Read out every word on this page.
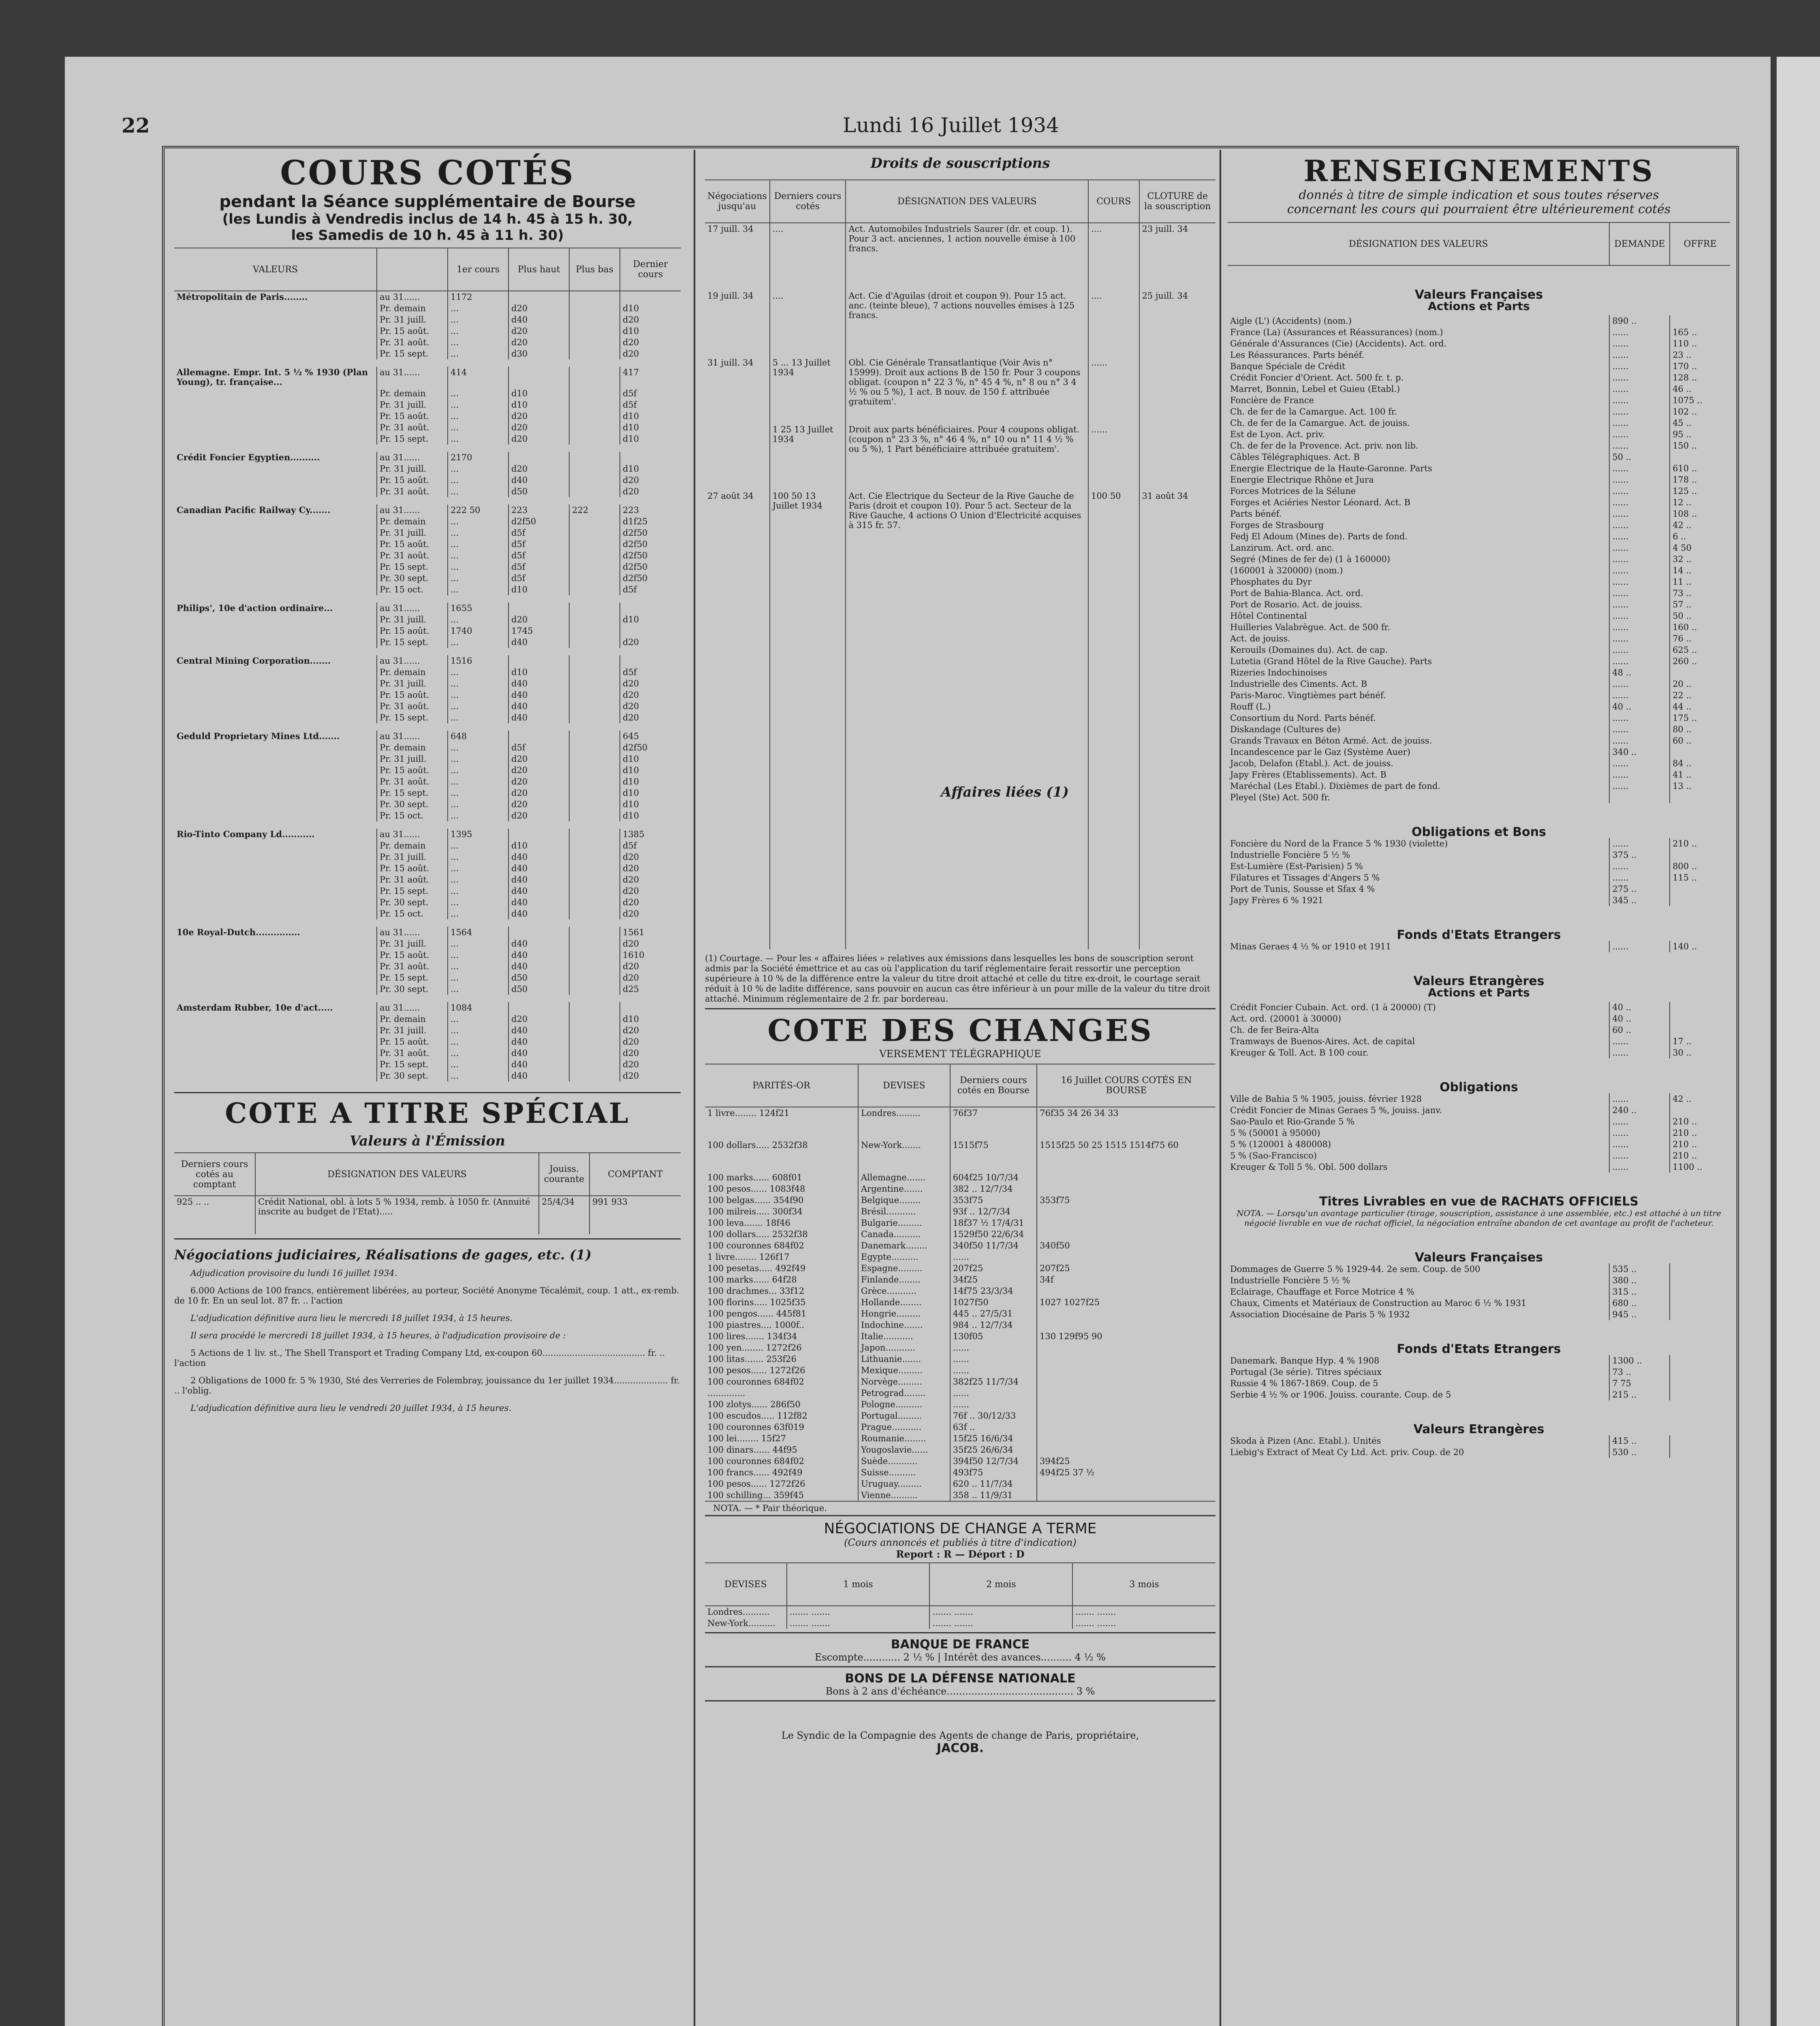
22	Lundi 16 Juillet 1934
COURS COTÉS
pendant la Séance supplémentaire de Bourse
(les Lundis à Vendredis inclus de 14 h. 45 à 15 h. 30,
les Samedis de 10 h. 45 à 11 h. 30)
VALEURS		1er cours	Plus haut	Plus bas	Dernier cours
Métropolitain de Paris........	au 31......	1172			
	Pr. demain	...	d20		d10
	Pr. 31 juill.	...	d40		d20
	Pr. 15 août.	...	d20		d10
	Pr. 31 août.	...	d20		d20
	Pr. 15 sept.	...	d30		d20

Allemagne. Empr. Int. 5 ½ % 1930 (Plan Young), tr. française...	au 31......	414			417
	Pr. demain	...	d10		d5f
	Pr. 31 juill.	...	d10		d5f
	Pr. 15 août.	...	d20		d10
	Pr. 31 août.	...	d20		d10
	Pr. 15 sept.	...	d20		d10

Crédit Foncier Egyptien..........	au 31......	2170			
	Pr. 31 juill.	...	d20		d10
	Pr. 15 août.	...	d40		d20
	Pr. 31 août.	...	d50		d20

Canadian Pacific Railway Cy.......	au 31......	222 50	223	222	223
	Pr. demain	...	d2f50		d1f25
	Pr. 31 juill.	...	d5f		d2f50
	Pr. 15 août.	...	d5f		d2f50
	Pr. 31 août.	...	d5f		d2f50
	Pr. 15 sept.	...	d5f		d2f50
	Pr. 30 sept.	...	d5f		d2f50
	Pr. 15 oct.	...	d10		d5f

Philips', 10e d'action ordinaire...	au 31......	1655			
	Pr. 31 juill.	...	d20		d10
	Pr. 15 août.	1740	1745		
	Pr. 15 sept.	...	d40		d20

Central Mining Corporation.......	au 31......	1516			
	Pr. demain	...	d10		d5f
	Pr. 31 juill.	...	d40		d20
	Pr. 15 août.	...	d40		d20
	Pr. 31 août.	...	d40		d20
	Pr. 15 sept.	...	d40		d20

Geduld Proprietary Mines Ltd.......	au 31......	648			645
	Pr. demain	...	d5f		d2f50
	Pr. 31 juill.	...	d20		d10
	Pr. 15 août.	...	d20		d10
	Pr. 31 août.	...	d20		d10
	Pr. 15 sept.	...	d20		d10
	Pr. 30 sept.	...	d20		d10
	Pr. 15 oct.	...	d20		d10

Rio-Tinto Company Ld...........	au 31......	1395			1385
	Pr. demain	...	d10		d5f
	Pr. 31 juill.	...	d40		d20
	Pr. 15 août.	...	d40		d20
	Pr. 31 août.	...	d40		d20
	Pr. 15 sept.	...	d40		d20
	Pr. 30 sept.	...	d40		d20
	Pr. 15 oct.	...	d40		d20

10e Royal-Dutch...............	au 31......	1564			1561
	Pr. 31 juill.	...	d40		d20
	Pr. 15 août.	...	d40		1610
	Pr. 31 août.	...	d40		d20
	Pr. 15 sept.	...	d50		d20
	Pr. 30 sept.	...	d50		d25

Amsterdam Rubber, 10e d'act.....	au 31......	1084			
	Pr. demain	...	d20		d10
	Pr. 31 juill.	...	d40		d20
	Pr. 15 août.	...	d40		d20
	Pr. 31 août.	...	d40		d20
	Pr. 15 sept.	...	d40		d20
	Pr. 30 sept.	...	d40		d20

COTE A TITRE SPÉCIAL
Valeurs à l'Émission
Derniers cours cotés au comptant	DÉSIGNATION DES VALEURS	Jouiss. courante	COMPTANT
925 .. ..	Crédit National, obl. à lots 5 % 1934, remb. à 1050 fr. (Annuité inscrite au budget de l'Etat).....	25/4/34	991 933
Négociations judiciaires, Réalisations de gages, etc. (1)

Adjudication provisoire du lundi 16 juillet 1934.

6.000 Actions de 100 francs, entièrement libérées, au porteur, Société Anonyme Técalémit, coup. 1 att., ex-remb. de 10 fr. En un seul lot. 87 fr. .. l'action

L'adjudication définitive aura lieu le mercredi 18 juillet 1934, à 15 heures.

Il sera procédé le mercredi 18 juillet 1934, à 15 heures, à l'adjudication provisoire de :

5 Actions de 1 liv. st., The Shell Transport et Trading Company Ltd, ex-coupon 60...................................... fr. .. l'action

2 Obligations de 1000 fr. 5 % 1930, Sté des Verreries de Folembray, jouissance du 1er juillet 1934.................... fr. .. l'oblig.

L'adjudication définitive aura lieu le vendredi 20 juillet 1934, à 15 heures.

Droits de souscriptions
Négociations jusqu'au	Derniers cours cotés	DÉSIGNATION DES VALEURS	COURS	CLOTURE de la souscription
17 juill. 34	....	Act. Automobiles Industriels Saurer (dr. et coup. 1). Pour 3 act. anciennes, 1 action nouvelle émise à 100 francs.	....	23 juill. 34
19 juill. 34	....	Act. Cie d'Aguilas (droit et coupon 9). Pour 15 act. anc. (teinte bleue), 7 actions nouvelles émises à 125 francs.	....	25 juill. 34
31 juill. 34	5 ... 13 Juillet 1934	Obl. Cie Générale Transatlantique (Voir Avis n° 15999). Droit aux actions B de 150 fr. Pour 3 coupons obligat. (coupon n° 22 3 %, n° 45 4 %, n° 8 ou n° 3 4 ½ % ou 5 %), 1 act. B nouv. de 150 f. attribuée gratuitem'.	......	
	1 25 13 Juillet 1934	Droit aux parts bénéficiaires. Pour 4 coupons obligat. (coupon n° 23 3 %, n° 46 4 %, n° 10 ou n° 11 4 ½ % ou 5 %), 1 Part bénéficiaire attribuée gratuitem'.	......	
27 août 34	100 50 13 Juillet 1934	Act. Cie Electrique du Secteur de la Rive Gauche de Paris (droit et coupon 10). Pour 5 act. Secteur de la Rive Gauche, 4 actions O Union d'Electricité acquises à 315 fr. 57.	100 50	31 août 34

Affaires liées (1)
(1) Courtage. — Pour les « affaires liées » relatives aux émissions dans lesquelles les bons de souscription seront admis par la Société émettrice et au cas où l'application du tarif réglementaire ferait ressortir une perception supérieure à 10 % de la différence entre la valeur du titre droit attaché et celle du titre ex-droit, le courtage serait réduit à 10 % de ladite différence, sans pouvoir en aucun cas être inférieur à un pour mille de la valeur du titre droit attaché. Minimum réglementaire de 2 fr. par bordereau.
COTE DES CHANGES
VERSEMENT TÉLÉGRAPHIQUE
PARITÉS-OR	DEVISES	Derniers cours cotés en Bourse	16 Juillet COURS COTÉS EN BOURSE
1 livre........ 124f21	Londres.........	76f37	76f35 34 26 34 33
100 dollars..... 2532f38	New-York.......	1515f75	1515f25 50 25 1515 1514f75 60
100 marks...... 608f01	Allemagne.......	604f25 10/7/34	
100 pesos...... 1083f48	Argentine.......	382 .. 12/7/34	
100 belgas...... 354f90	Belgique........	353f75	353f75
100 milreis..... 300f34	Brésil...........	93f .. 12/7/34	
100 leva....... 18f46	Bulgarie.........	18f37 ½ 17/4/31	
100 dollars..... 2532f38	Canada..........	1529f50 22/6/34	
100 couronnes 684f02	Danemark........	340f50 11/7/34	340f50
1 livre........ 126f17	Egypte..........	......	
100 pesetas..... 492f49	Espagne.........	207f25	207f25
100 marks...... 64f28	Finlande........	34f25	34f
100 drachmes... 33f12	Grèce...........	14f75 23/3/34	
100 florins..... 1025f35	Hollande........	1027f50	1027 1027f25
100 pengos...... 445f81	Hongrie.........	445 .. 27/5/31	
100 piastres.... 1000f..	Indochine.......	984 .. 12/7/34	
100 lires....... 134f34	Italie...........	130f05	130 129f95 90
100 yen........ 1272f26	Japon...........	......	
100 litas....... 253f26	Lithuanie.......	......	
100 pesos...... 1272f26	Mexique.........	......	
100 couronnes 684f02	Norvège.........	382f25 11/7/34	
..............	Petrograd........	......	
100 zlotys...... 286f50	Pologne..........	......	
100 escudos..... 112f82	Portugal.........	76f .. 30/12/33	
100 couronnes 63f019	Prague...........	63f ..	
100 lei........ 15f27	Roumanie........	15f25 16/6/34	
100 dinars...... 44f95	Yougoslavie......	35f25 26/6/34	
100 couronnes 684f02	Suède...........	394f50 12/7/34	394f25
100 francs...... 492f49	Suisse..........	493f75	494f25 37 ½
100 pesos...... 1272f26	Uruguay.........	620 .. 11/7/34	
100 schilling... 359f45	Vienne..........	358 .. 11/9/31	
NOTA. — * Pair théorique.
NÉGOCIATIONS DE CHANGE A TERME
(Cours annoncés et publiés à titre d'indication)
Report : R — Déport : D
DEVISES	1 mois	2 mois	3 mois
Londres..........	....... .......	....... .......	....... .......
New-York..........	....... .......	....... .......	....... .......
BANQUE DE FRANCE
Escompte............ 2 ½ % | Intérêt des avances.......... 4 ½ %
BONS DE LA DÉFENSE NATIONALE
Bons à 2 ans d'échéance......................................... 3 %
Le Syndic de la Compagnie des Agents de change de Paris, propriétaire,
JACOB.
RENSEIGNEMENTS
donnés à titre de simple indication et sous toutes réserves
concernant les cours qui pourraient être ultérieurement cotés
DÉSIGNATION DES VALEURS	DEMANDE	OFFRE
Valeurs Françaises		
Actions et Parts		
Aigle (L') (Accidents) (nom.)	890 ..	
France (La) (Assurances et Réassurances) (nom.)	......	165 ..
Générale d'Assurances (Cie) (Accidents). Act. ord.	......	110 ..
Les Réassurances. Parts bénéf.	......	23 ..
Banque Spéciale de Crédit	......	170 ..
Crédit Foncier d'Orient. Act. 500 fr. t. p.	......	128 ..
Marret, Bonnin, Lebel et Guieu (Etabl.)	......	46 ..
Foncière de France	......	1075 ..
Ch. de fer de la Camargue. Act. 100 fr.	......	102 ..
Ch. de fer de la Camargue. Act. de jouiss.	......	45 ..
Est de Lyon. Act. priv.	......	95 ..
Ch. de fer de la Provence. Act. priv. non lib.	......	150 ..
Câbles Télégraphiques. Act. B	50 ..	
Energie Electrique de la Haute-Garonne. Parts	......	610 ..
Energie Electrique Rhône et Jura	......	178 ..
Forces Motrices de la Sélune	......	125 ..
Forges et Aciéries Nestor Léonard. Act. B	......	12 ..
Parts bénéf.	......	108 ..
Forges de Strasbourg	......	42 ..
Fedj El Adoum (Mines de). Parts de fond.	......	6 ..
Lanzirum. Act. ord. anc.	......	4 50
Segré (Mines de fer de) (1 à 160000)	......	32 ..
(160001 à 320000) (nom.)	......	14 ..
Phosphates du Dyr	......	11 ..
Port de Bahia-Blanca. Act. ord.	......	73 ..
Port de Rosario. Act. de jouiss.	......	57 ..
Hôtel Continental	......	50 ..
Huilleries Valabrègue. Act. de 500 fr.	......	160 ..
Act. de jouiss.	......	76 ..
Kerouils (Domaines du). Act. de cap.	......	625 ..
Lutetia (Grand Hôtel de la Rive Gauche). Parts	......	260 ..
Rizeries Indochinoises	48 ..	
Industrielle des Ciments. Act. B	......	20 ..
Paris-Maroc. Vingtièmes part bénéf.	......	22 ..
Rouff (L.)	40 ..	44 ..
Consortium du Nord. Parts bénéf.	......	175 ..
Diskandage (Cultures de)	......	80 ..
Grands Travaux en Béton Armé. Act. de jouiss.	......	60 ..
Incandescence par le Gaz (Système Auer)	340 ..	
Jacob, Delafon (Etabl.). Act. de jouiss.	......	84 ..
Japy Frères (Etablissements). Act. B	......	41 ..
Maréchal (Les Etabl.). Dixièmes de part de fond.	......	13 ..
Pleyel (Ste) Act. 500 fr.		
Obligations et Bons		
Foncière du Nord de la France 5 % 1930 (violette)	......	210 ..
Industrielle Foncière 5 ½ %	375 ..	
Est-Lumière (Est-Parisien) 5 %	......	800 ..
Filatures et Tissages d'Angers 5 %	......	115 ..
Port de Tunis, Sousse et Sfax 4 %	275 ..	
Japy Frères 6 % 1921	345 ..	
Fonds d'Etats Etrangers		
Minas Geraes 4 ½ % or 1910 et 1911	......	140 ..
Valeurs Etrangères		
Actions et Parts		
Crédit Foncier Cubain. Act. ord. (1 à 20000) (T)	40 ..	
Act. ord. (20001 à 30000)	40 ..	
Ch. de fer Beira-Alta	60 ..	
Tramways de Buenos-Aires. Act. de capital	......	17 ..
Kreuger & Toll. Act. B 100 cour.	......	30 ..
Obligations		
Ville de Bahia 5 % 1905, jouiss. février 1928	......	42 ..
Crédit Foncier de Minas Geraes 5 %, jouiss. janv.	240 ..	
Sao-Paulo et Rio-Grande 5 %	......	210 ..
5 % (50001 à 95000)	......	210 ..
5 % (120001 à 480008)	......	210 ..
5 % (Sao-Francisco)	......	210 ..
Kreuger & Toll 5 %. Obl. 500 dollars	......	1100 ..
Titres Livrables en vue de RACHATS OFFICIELS		
NOTA. — Lorsqu'un avantage particulier (tirage, souscription, assistance à une assemblée, etc.) est attaché à un titre négocié livrable en vue de rachat officiel, la négociation entraîne abandon de cet avantage au profit de l'acheteur.		
Valeurs Françaises		
Dommages de Guerre 5 % 1929-44. 2e sem. Coup. de 500	535 ..	
Industrielle Foncière 5 ½ %	380 ..	
Eclairage, Chauffage et Force Motrice 4 %	315 ..	
Chaux, Ciments et Matériaux de Construction au Maroc 6 ½ % 1931	680 ..	
Association Diocésaine de Paris 5 % 1932	945 ..	
Fonds d'Etats Etrangers		
Danemark. Banque Hyp. 4 % 1908	1300 ..	
Portugal (3e série). Titres spéciaux	73 ..	
Russie 4 % 1867-1869. Coup. de 5	7 75	
Serbie 4 ½ % or 1906. Jouiss. courante. Coup. de 5	215 ..	
Valeurs Etrangères		
Skoda à Pizen (Anc. Etabl.). Unités	415 ..	
Liebig's Extract of Meat Cy Ltd. Act. priv. Coup. de 20	530 ..	
